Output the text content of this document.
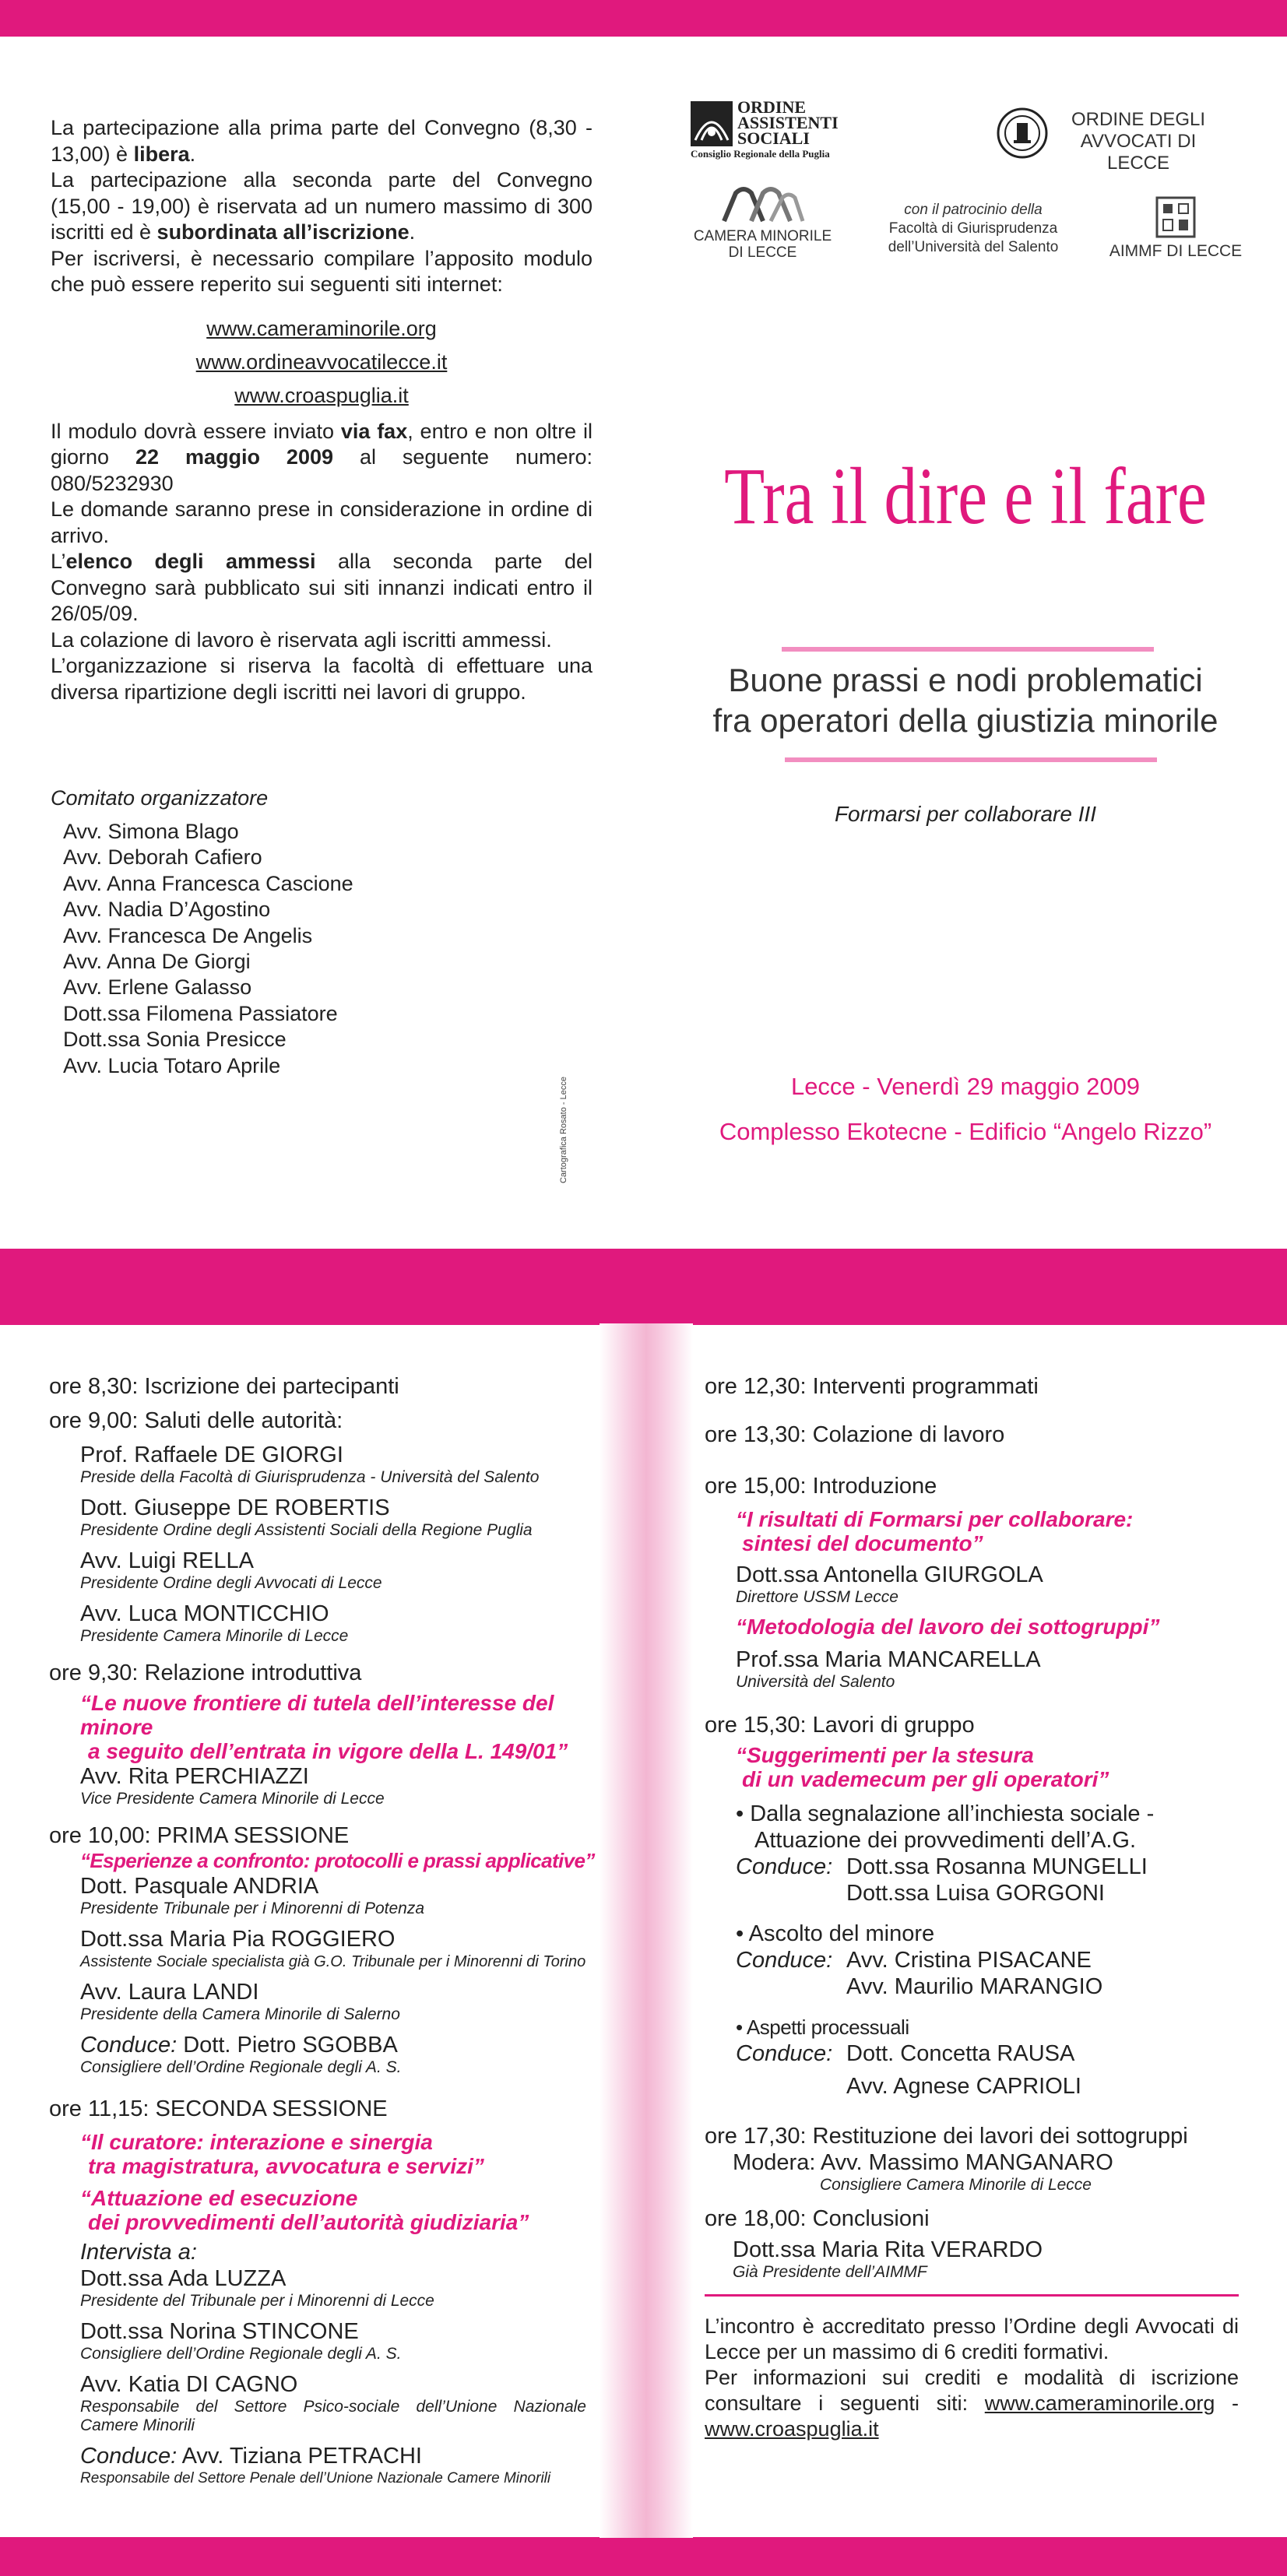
La partecipazione alla prima parte del Convegno (8,30 - 13,00) è libera.

La partecipazione alla seconda parte del Convegno (15,00 - 19,00) è riservata ad un numero massimo di 300 iscritti ed è subordinata all’iscrizione.

Per iscriversi, è necessario compilare l’apposito modulo che può essere reperito sui seguenti siti internet:

www.cameraminorile.org

www.ordineavvocatilecce.it

www.croaspuglia.it

Il modulo dovrà essere inviato via fax, entro e non oltre il giorno 22 maggio 2009 al seguente numero: 080/5232930

Le domande saranno prese in considerazione in ordine di arrivo.

L’elenco degli ammessi alla seconda parte del Convegno sarà pubblicato sui siti innanzi indicati entro il 26/05/09.

La colazione di lavoro è riservata agli iscritti ammessi.

L’organizzazione si riserva la facoltà di effettuare una diversa ripartizione degli iscritti nei lavori di gruppo.

Comitato organizzatore
Avv. Simona Blago
Avv. Deborah Cafiero
Avv. Anna Francesca Cascione
Avv. Nadia D’Agostino
Avv. Francesca De Angelis
Avv. Anna De Giorgi
Avv. Erlene Galasso
Dott.ssa Filomena Passiatore
Dott.ssa Sonia Presicce
Avv. Lucia Totaro Aprile
Cartografica Rosato - Lecce
ORDINE
ASSISTENTI
SOCIALI
Consiglio Regionale della Puglia
ORDINE DEGLI
AVVOCATI DI LECCE
CAMERA MINORILE
DI LECCE
con il patrocinio della
Facoltà di Giurisprudenza
dell’Università del Salento	AIMMF DI LECCE
Tra il dire e il fare
Buone prassi e nodi problematici
fra operatori della giustizia minorile
Formarsi per collaborare III
Lecce - Venerdì 29 maggio 2009
Complesso Ekotecne - Edificio “Angelo Rizzo”
ore 8,30: Iscrizione dei partecipanti
ore 9,00: Saluti delle autorità:
Prof. Raffaele DE GIORGI
Preside della Facoltà di Giurisprudenza - Università del Salento
Dott. Giuseppe DE ROBERTIS
Presidente Ordine degli Assistenti Sociali della Regione Puglia
Avv. Luigi RELLA
Presidente Ordine degli Avvocati di Lecce
Avv. Luca MONTICCHIO
Presidente Camera Minorile di Lecce
ore 9,30: Relazione introduttiva
“Le nuove frontiere di tutela dell’interesse del minore
a seguito dell’entrata in vigore della L. 149/01”
Avv. Rita PERCHIAZZI
Vice Presidente Camera Minorile di Lecce
ore 10,00: PRIMA SESSIONE
“Esperienze a confronto: protocolli e prassi applicative”
Dott. Pasquale ANDRIA
Presidente Tribunale per i Minorenni di Potenza
Dott.ssa Maria Pia ROGGIERO
Assistente Sociale specialista già G.O. Tribunale per i Minorenni di Torino
Avv. Laura LANDI
Presidente della Camera Minorile di Salerno
Conduce: Dott. Pietro SGOBBA
Consigliere dell’Ordine Regionale degli A. S.
ore 11,15: SECONDA SESSIONE
“Il curatore: interazione e sinergia
tra magistratura, avvocatura e servizi”
“Attuazione ed esecuzione
dei provvedimenti dell’autorità giudiziaria”
Intervista a:
Dott.ssa Ada LUZZA
Presidente del Tribunale per i Minorenni di Lecce
Dott.ssa Norina STINCONE
Consigliere dell’Ordine Regionale degli A. S.
Avv. Katia DI CAGNO
Responsabile del Settore Psico-sociale dell’Unione Nazionale Camere Minorili
Conduce: Avv. Tiziana PETRACHI
Responsabile del Settore Penale dell’Unione Nazionale Camere Minorili
ore 12,30: Interventi programmati
ore 13,30: Colazione di lavoro
ore 15,00: Introduzione
“I risultati di Formarsi per collaborare:
sintesi del documento”
Dott.ssa Antonella GIURGOLA
Direttore USSM Lecce
“Metodologia del lavoro dei sottogruppi”
Prof.ssa Maria MANCARELLA
Università del Salento
ore 15,30: Lavori di gruppo
“Suggerimenti per la stesura
di un vademecum per gli operatori”
• Dalla segnalazione all’inchiesta sociale -
Attuazione dei provvedimenti dell’A.G.
Conduce: Dott.ssa Rosanna MUNGELLI
Dott.ssa Luisa GORGONI
• Ascolto del minore
Conduce: Avv. Cristina PISACANE
Avv. Maurilio MARANGIO
• Aspetti processuali
Conduce: Dott. Concetta RAUSA
Avv. Agnese CAPRIOLI
ore 17,30: Restituzione dei lavori dei sottogruppi
Modera: Avv. Massimo MANGANARO
Consigliere Camera Minorile di Lecce
ore 18,00: Conclusioni
Dott.ssa Maria Rita VERARDO
Già Presidente dell’AIMMF
L’incontro è accreditato presso l’Ordine degli Avvocati di Lecce per un massimo di 6 crediti formativi.
Per informazioni sui crediti e modalità di iscrizione consultare i seguenti siti: www.cameraminorile.org - www.croaspuglia.it
